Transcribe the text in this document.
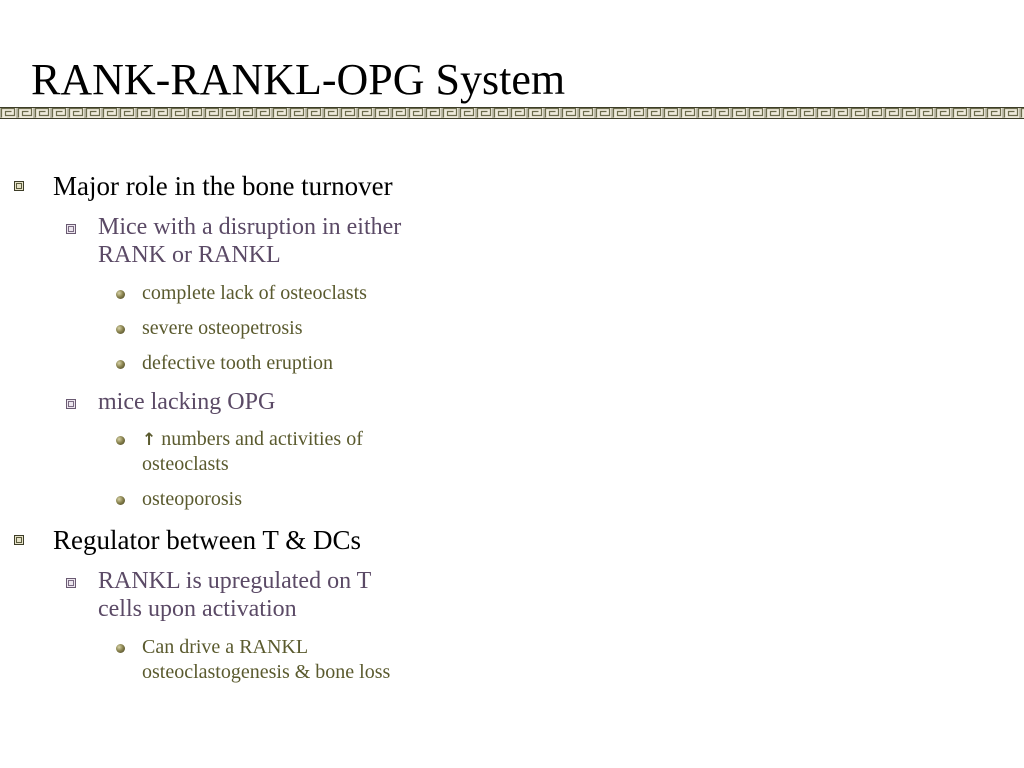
RANK-RANKL-OPG System

Major role in the bone turnover

Mice with a disruption in either

RANK or RANKL

complete lack of osteoclasts

severe osteopetrosis

defective tooth eruption

mice lacking OPG

↑ numbers and activities of

osteoclasts

osteoporosis

Regulator between T & DCs

RANKL is upregulated on T

cells upon activation

Can drive a RANKL

osteoclastogenesis & bone loss
